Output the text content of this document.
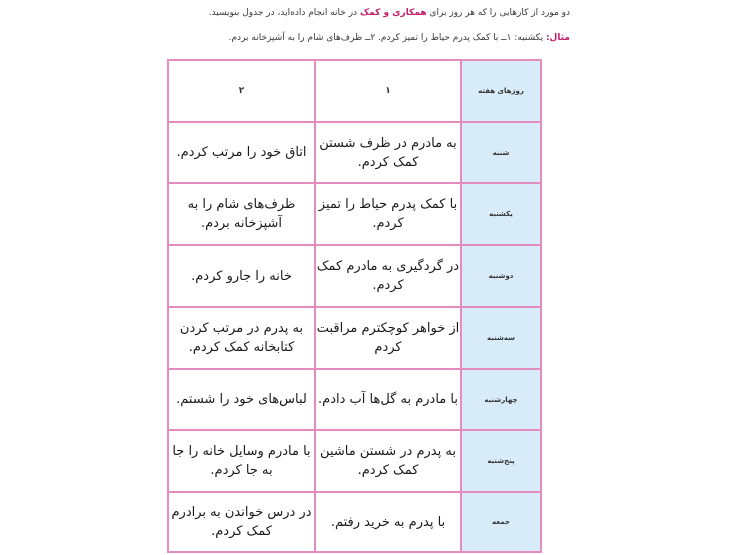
دو مورد از کارهایی را که هر روز برای همکاری و کمک در خانه انجام داده‌اید، در جدول بنویسید.
مثال: یکشنبه: ۱ــ با کمک پدرم حیاط را تمیز کردم. ۲ــ ظرف‌های شام را به آشپزخانه بردم.
روزهای هفته	۱	۲
شنبه	به مادرم در ظرف شستن کمک کردم.	اتاق خود را مرتب کردم.
یکشنبه	با کمک پدرم حیاط را تمیز کردم.	ظرف‌های شام را به آشپزخانه بردم.
دوشنبه	در گردگیری به مادرم کمک کردم.	خانه را جارو کردم.
سه‌شنبه	از خواهر کوچکترم مراقبت کردم	به پدرم در مرتب کردن کتابخانه کمک کردم.
چهارشنبه	با مادرم به گل‌ها آب دادم.	لباس‌های خود را شستم.
پنج‌شنبه	به پدرم در شستن ماشین کمک کردم.	با مادرم وسایل خانه را جا به جا کردم.
جمعه	با پدرم به خرید رفتم.	در درس خواندن به برادرم کمک کردم.
